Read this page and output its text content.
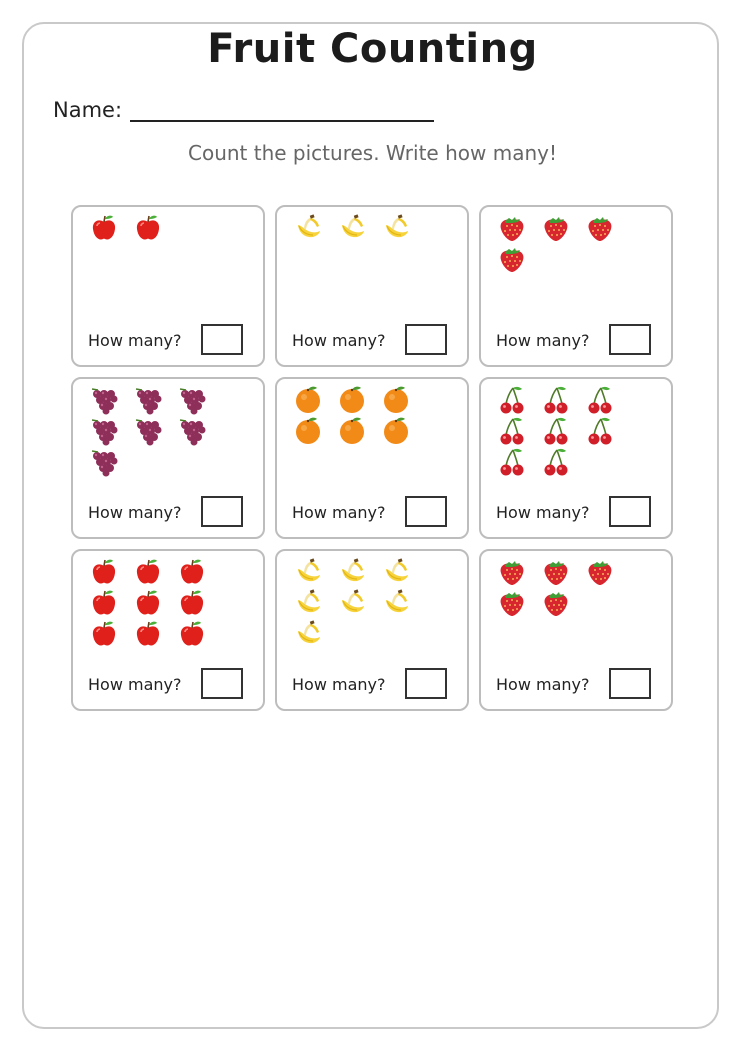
Fruit Counting
Name:
Count the pictures. Write how many!
How many?	How many?	How many?
How many?	How many?	How many?
How many?	How many?	How many?
